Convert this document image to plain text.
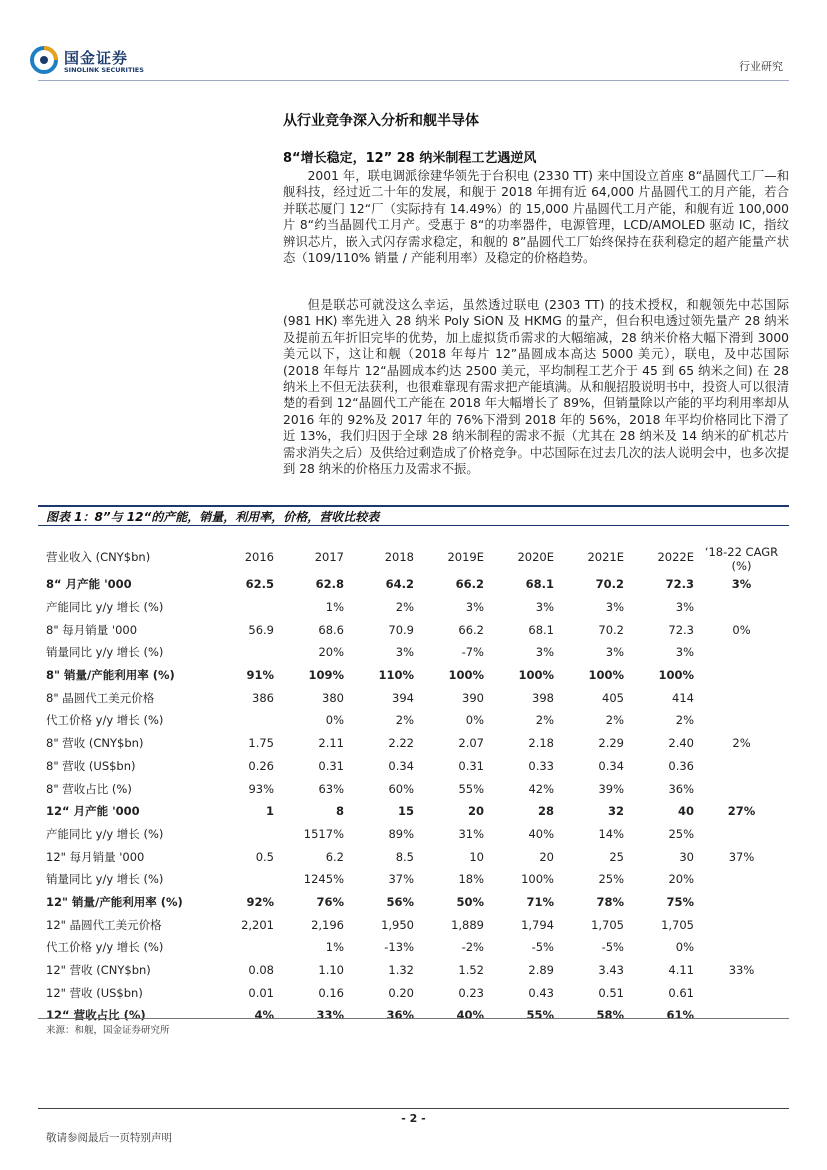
国金证券
SINOLINK SECURITIES	行业研究
从行业竞争深入分析和舰半导体
8“增长稳定，12” 28 纳米制程工艺遇逆风

2001 年，联电调派徐建华领先于台积电 (2330 TT) 来中国设立首座 8“晶圆代工厂—和舰科技，经过近二十年的发展，和舰于 2018 年拥有近 64,000 片晶圆代工的月产能，若合并联芯厦门 12“厂（实际持有 14.49%）的 15,000 片晶圆代工月产能，和舰有近 100,000 片 8“约当晶圆代工月产。受惠于 8“的功率器件，电源管理，LCD/AMOLED 驱动 IC，指纹辨识芯片，嵌入式闪存需求稳定，和舰的 8”晶圆代工厂始终保持在获利稳定的超产能量产状态（109/110% 销量 / 产能利用率）及稳定的价格趋势。

但是联芯可就没这么幸运，虽然透过联电 (2303 TT) 的技术授权，和舰领先中芯国际 (981 HK) 率先进入 28 纳米 Poly SiON 及 HKMG 的量产，但台积电透过领先量产 28 纳米及提前五年折旧完毕的优势，加上虚拟货币需求的大幅缩减，28 纳米价格大幅下滑到 3000 美元以下，这让和舰（2018 年每片 12”晶圆成本高达 5000 美元），联电，及中芯国际 (2018 年每片 12“晶圆成本约达 2500 美元，平均制程工艺介于 45 到 65 纳米之间) 在 28 纳米上不但无法获利，也很难靠现有需求把产能填满。从和舰招股说明书中，投资人可以很清楚的看到 12“晶圆代工产能在 2018 年大幅增长了 89%，但销量除以产能的平均利用率却从 2016 年的 92%及 2017 年的 76%下滑到 2018 年的 56%，2018 年平均价格同比下滑了近 13%，我们归因于全球 28 纳米制程的需求不振（尤其在 28 纳米及 14 纳米的矿机芯片需求消失之后）及供给过剩造成了价格竞争。中芯国际在过去几次的法人说明会中，也多次提到 28 纳米的价格压力及需求不振。

图表 1：8”与 12“的产能，销量，利用率，价格，营收比较表
营业收入 (CNY$bn)	2016	2017	2018	2019E	2020E	2021E	2022E	‘18-22 CAGR (%)
8“ 月产能 '000	62.5	62.8	64.2	66.2	68.1	70.2	72.3	3%
产能同比 y/y 增长 (%)		1%	2%	3%	3%	3%	3%	
8" 每月销量 '000	56.9	68.6	70.9	66.2	68.1	70.2	72.3	0%
销量同比 y/y 增长 (%)		20%	3%	-7%	3%	3%	3%	
8" 销量/产能利用率 (%)	91%	109%	110%	100%	100%	100%	100%	
8" 晶圆代工美元价格	386	380	394	390	398	405	414	
代工价格 y/y 增长 (%)		0%	2%	0%	2%	2%	2%	
8" 营收 (CNY$bn)	1.75	2.11	2.22	2.07	2.18	2.29	2.40	2%
8" 营收 (US$bn)	0.26	0.31	0.34	0.31	0.33	0.34	0.36	
8" 营收占比 (%)	93%	63%	60%	55%	42%	39%	36%	
12“ 月产能 '000	1	8	15	20	28	32	40	27%
产能同比 y/y 增长 (%)		1517%	89%	31%	40%	14%	25%	
12" 每月销量 '000	0.5	6.2	8.5	10	20	25	30	37%
销量同比 y/y 增长 (%)		1245%	37%	18%	100%	25%	20%	
12" 销量/产能利用率 (%)	92%	76%	56%	50%	71%	78%	75%	
12" 晶圆代工美元价格	2,201	2,196	1,950	1,889	1,794	1,705	1,705	
代工价格 y/y 增长 (%)		1%	-13%	-2%	-5%	-5%	0%	
12" 营收 (CNY$bn)	0.08	1.10	1.32	1.52	2.89	3.43	4.11	33%
12" 营收 (US$bn)	0.01	0.16	0.20	0.23	0.43	0.51	0.61	
12“ 营收占比 (%)	4%	33%	36%	40%	55%	58%	61%	
来源：和舰，国金证券研究所
- 2 -
敬请参阅最后一页特别声明
